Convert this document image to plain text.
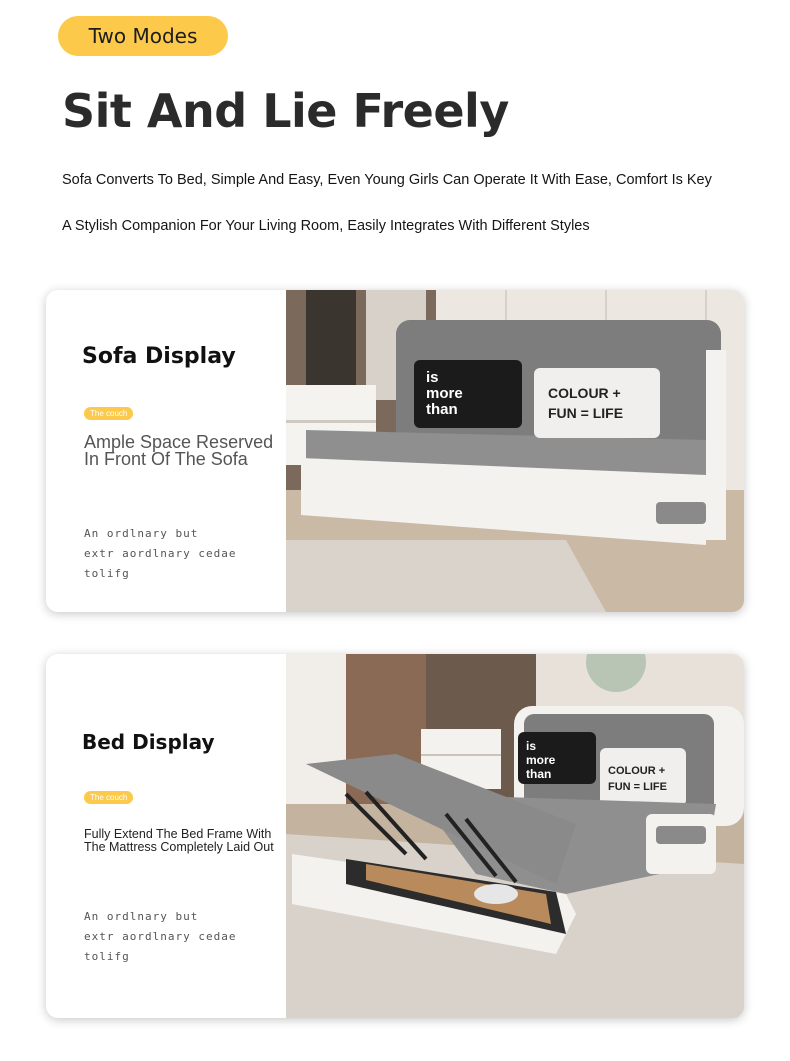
Two Modes
Sit And Lie Freely

Sofa Converts To Bed, Simple And Easy, Even Young Girls Can Operate It With Ease, Comfort Is Key

A Stylish Companion For Your Living Room, Easily Integrates With Different Styles

Sofa Display
The couch

Ample Space Reserved In Front Of The Sofa

An ordlnary but

extr aordlnary cedae tolifg

is
more
than
COLOUR +
FUN = LIFE
Bed Display
The couch

Fully Extend The Bed Frame With The Mattress Completely Laid Out

An ordlnary but

extr aordlnary cedae tolifg

is
more
than	COLOUR +
FUN = LIFE
